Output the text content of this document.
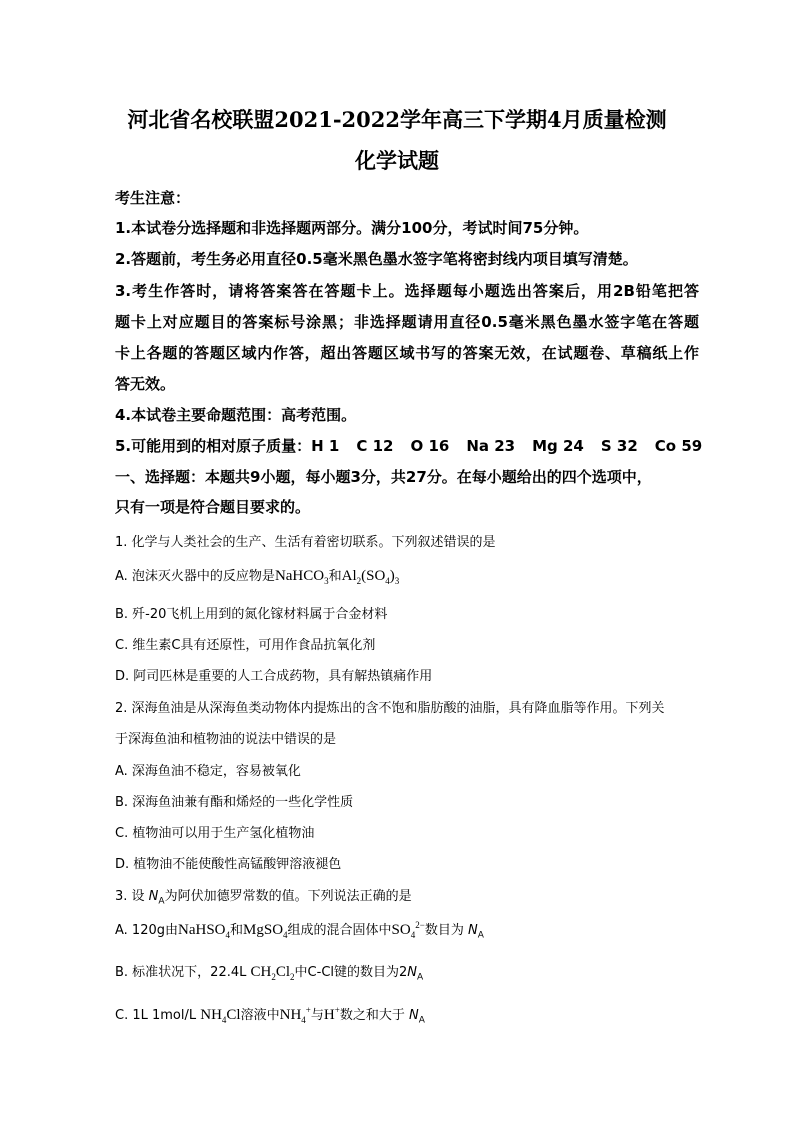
河北省名校联盟2021-2022学年高三下学期4月质量检测
化学试题
考生注意：
1.本试卷分选择题和非选择题两部分。满分100分，考试时间75分钟。
2.答题前，考生务必用直径0.5毫米黑色墨水签字笔将密封线内项目填写清楚。
3.考生作答时，请将答案答在答题卡上。选择题每小题选出答案后，用2B铅笔把答
题卡上对应题目的答案标号涂黑；非选择题请用直径0.5毫米黑色墨水签字笔在答题
卡上各题的答题区域内作答，超出答题区域书写的答案无效，在试题卷、草稿纸上作
答无效。
4.本试卷主要命题范围：高考范围。
5.可能用到的相对原子质量：H 1 C 12 O 16 Na 23 Mg 24 S 32 Co 59
一、选择题：本题共9小题，每小题3分，共27分。在每小题给出的四个选项中，
只有一项是符合题目要求的。
1. 化学与人类社会的生产、生活有着密切联系。下列叙述错误的是
A. 泡沫灭火器中的反应物是NaHCO$_3$和$Al_2(SO_4)_3$
B. 歼-20飞机上用到的氮化镓材料属于合金材料
C. 维生素C具有还原性，可用作食品抗氧化剂
D. 阿司匹林是重要的人工合成药物，具有解热镇痛作用
2. 深海鱼油是从深海鱼类动物体内提炼出的含不饱和脂肪酸的油脂，具有降血脂等作用。下列关
于深海鱼油和植物油的说法中错误的是
A. 深海鱼油不稳定，容易被氧化
B. 深海鱼油兼有酯和烯烃的一些化学性质
C. 植物油可以用于生产氢化植物油
D. 植物油不能使酸性高锰酸钾溶液褪色
3. 设 $N_A$为阿伏加德罗常数的值。下列说法正确的是
A. 120g由NaHSO$_4$和MgSO$_4$组成的混合固体中$SO_4^{2-}$数目为 $N_A$
B. 标准状况下，22.4L $CH_2Cl_2$中C-Cl键的数目为$2N_A$
C. 1L 1mol/L $NH_4Cl$溶液中$NH_4^+$与H+数之和大于 $N_A$
